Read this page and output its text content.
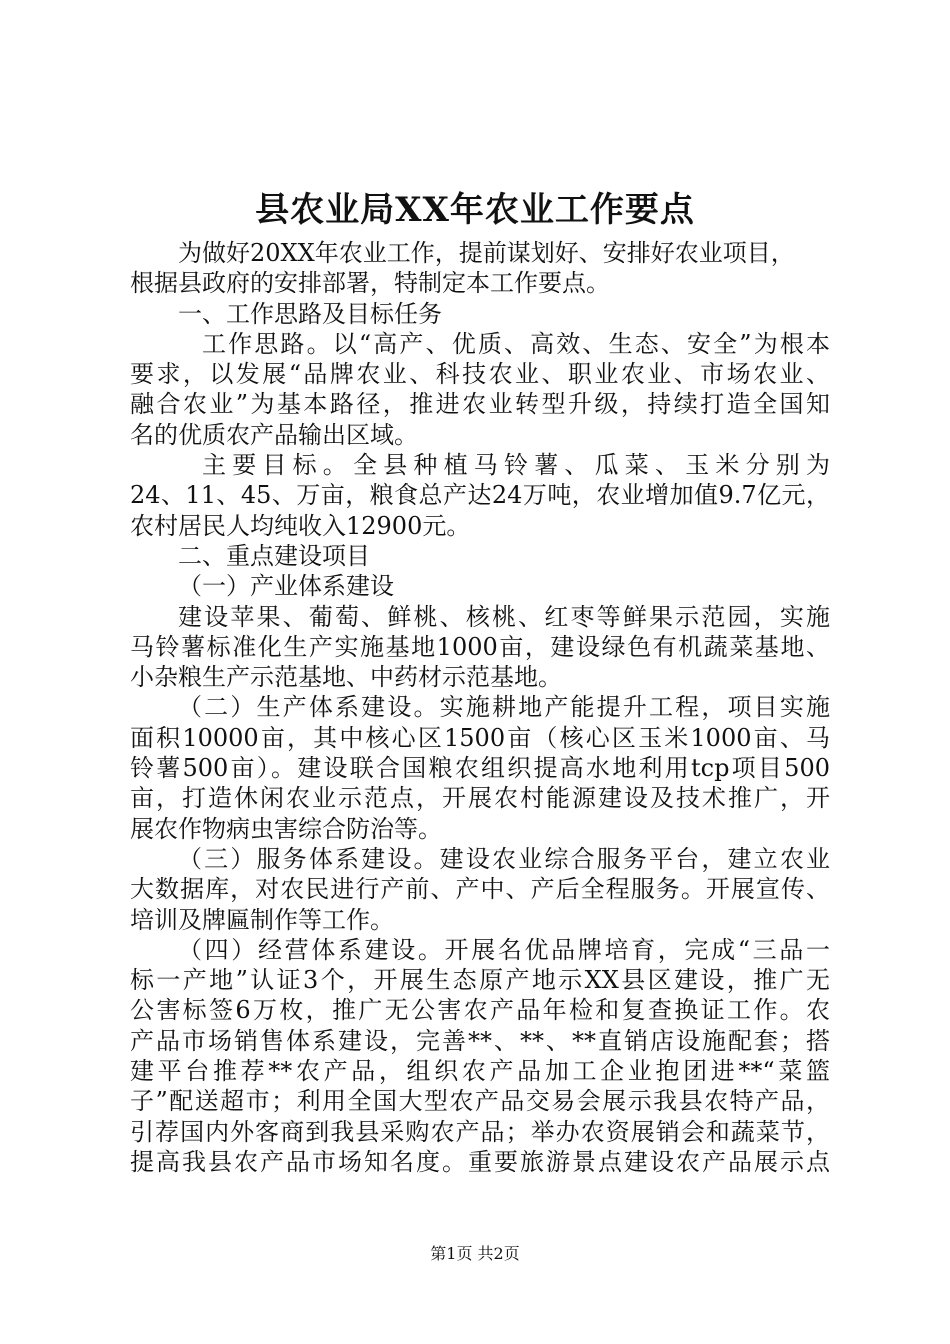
县农业局XX年农业工作要点
为做好20XX年农业工作，提前谋划好、安排好农业项目，
根据县政府的安排部署，特制定本工作要点。
一、工作思路及目标任务
工作思路。以“高产、优质、高效、生态、安全”为根本
要求，以发展“品牌农业、科技农业、职业农业、市场农业、
融合农业”为基本路径，推进农业转型升级，持续打造全国知
名的优质农产品输出区域。
主要目标。全县种植马铃薯、瓜菜、玉米分别为
24、11、45、万亩，粮食总产达24万吨，农业增加值9.7亿元，
农村居民人均纯收入12900元。
二、重点建设项目
（一）产业体系建设
建设苹果、葡萄、鲜桃、核桃、红枣等鲜果示范园，实施
马铃薯标准化生产实施基地1000亩，建设绿色有机蔬菜基地、
小杂粮生产示范基地、中药材示范基地。
（二）生产体系建设。实施耕地产能提升工程，项目实施
面积10000亩，其中核心区1500亩（核心区玉米1000亩、马
铃薯500亩）。建设联合国粮农组织提高水地利用tcp项目500
亩，打造休闲农业示范点，开展农村能源建设及技术推广，开
展农作物病虫害综合防治等。
（三）服务体系建设。建设农业综合服务平台，建立农业
大数据库，对农民进行产前、产中、产后全程服务。开展宣传、
培训及牌匾制作等工作。
（四）经营体系建设。开展名优品牌培育，完成“三品一
标一产地”认证3个，开展生态原产地示XX县区建设，推广无
公害标签6万枚，推广无公害农产品年检和复查换证工作。农
产品市场销售体系建设，完善**、**、**直销店设施配套；搭
建平台推荐**农产品，组织农产品加工企业抱团进**“菜篮
子”配送超市；利用全国大型农产品交易会展示我县农特产品，
引荐国内外客商到我县采购农产品；举办农资展销会和蔬菜节，
提高我县农产品市场知名度。重要旅游景点建设农产品展示点
第1页 共2页
